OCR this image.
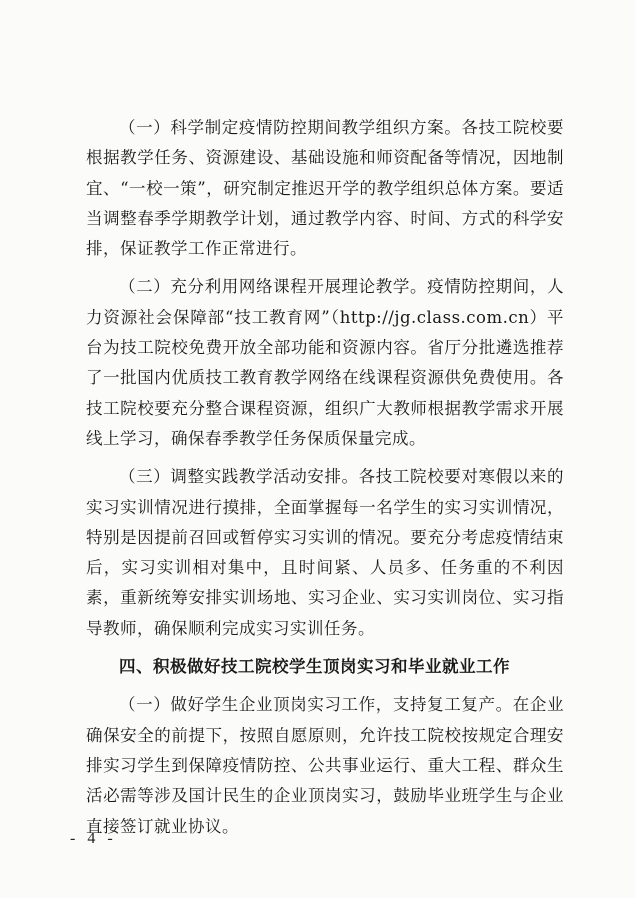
（一）科学制定疫情防控期间教学组织方案。各技工院校要根据教学任务、资源建设、基础设施和师资配备等情况，因地制宜、“一校一策”，研究制定推迟开学的教学组织总体方案。要适当调整春季学期教学计划，通过教学内容、时间、方式的科学安排，保证教学工作正常进行。

（二）充分利用网络课程开展理论教学。疫情防控期间，人力资源社会保障部“技工教育网”（http://jg.class.com.cn）平台为技工院校免费开放全部功能和资源内容。省厅分批遴选推荐了一批国内优质技工教育教学网络在线课程资源供免费使用。各技工院校要充分整合课程资源，组织广大教师根据教学需求开展线上学习，确保春季教学任务保质保量完成。

（三）调整实践教学活动安排。各技工院校要对寒假以来的实习实训情况进行摸排，全面掌握每一名学生的实习实训情况，特别是因提前召回或暂停实习实训的情况。要充分考虑疫情结束后，实习实训相对集中，且时间紧、人员多、任务重的不利因素，重新统筹安排实训场地、实习企业、实习实训岗位、实习指导教师，确保顺利完成实习实训任务。

四、积极做好技工院校学生顶岗实习和毕业就业工作

（一）做好学生企业顶岗实习工作，支持复工复产。在企业确保安全的前提下，按照自愿原则，允许技工院校按规定合理安排实习学生到保障疫情防控、公共事业运行、重大工程、群众生活必需等涉及国计民生的企业顶岗实习，鼓励毕业班学生与企业直接签订就业协议。

- 4 -
